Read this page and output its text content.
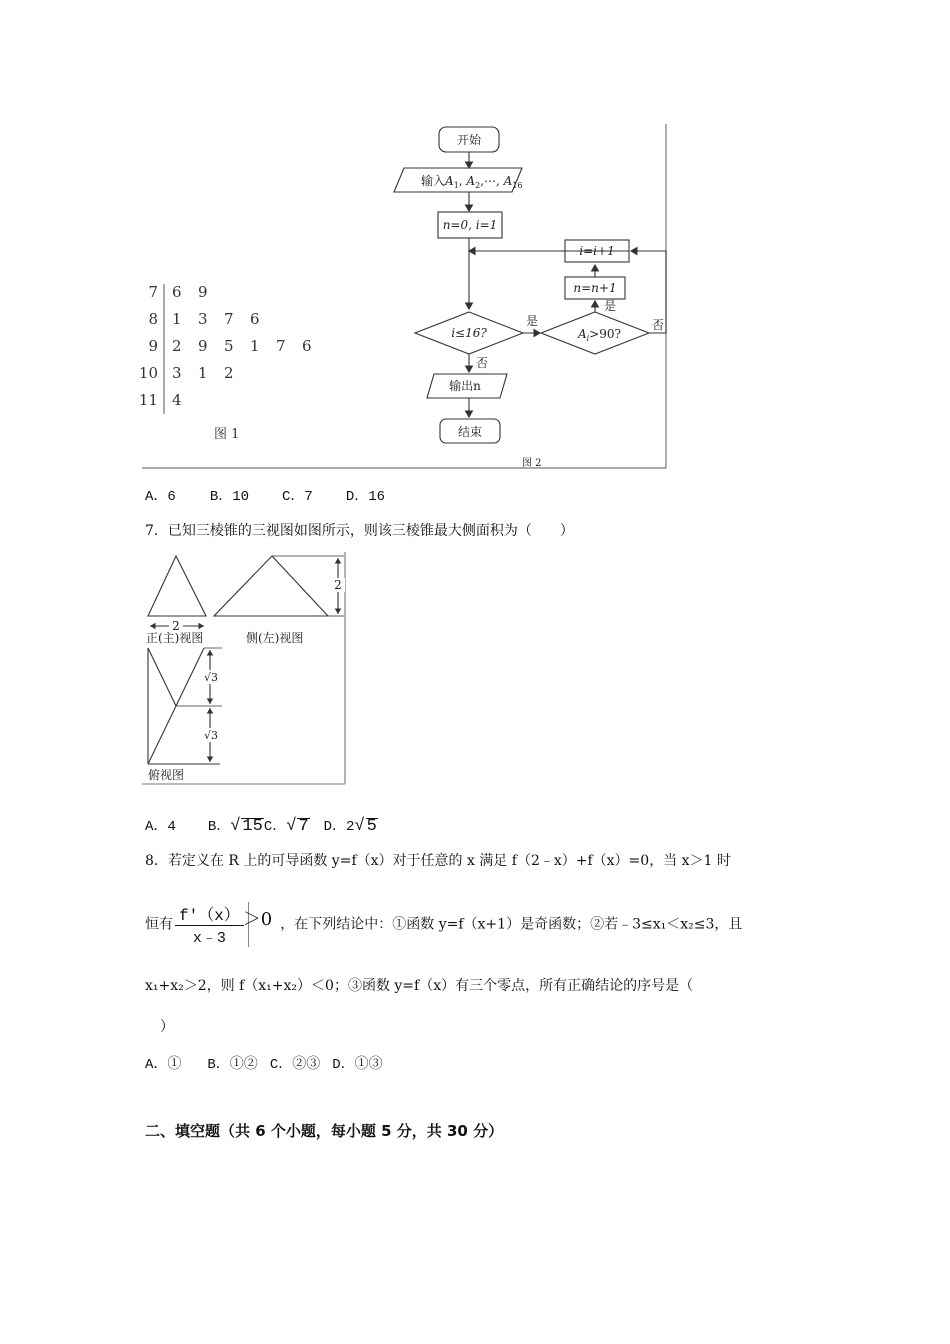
7 6 9
8 1 3 7 6
9 2 9 5 1 7 6
10 3 1 2
11 4
图 1
开始
输入$A_1$, $A_2,\cdots$, $A_{16}$
n=0, i=1
i≤16?	$A_i>90$?
n=n+1
i=i+1
是
是
否
否
输出n
结束
图 2
A．6 B．10 C．7 D．16
7．已知三棱锥的三视图如图所示，则该三棱锥最大侧面积为（　　）
2
2
正(主)视图	侧(左)视图
√3
√3
俯视图
A．4 B．√ 15C．√ 7 D．2√ 5
8．若定义在 R 上的可导函数 y=f（x）对于任意的 x 满足 f（2﹣x）+f（x）=0，当 x＞1 时
恒有 $\frac{f'(x)}{x﹣3}$
＞0 ，在下列结论中：①函数 y=f（x+1）是奇函数；②若﹣3≤x₁＜x₂≤3，且
x₁+x₂＞2，则 f（x₁+x₂）＜0；③函数 y=f（x）有三个零点，所有正确结论的序号是（
）
A．① B．①② C．②③ D．①③
二、填空题（共 6 个小题，每小题 5 分，共 30 分）
